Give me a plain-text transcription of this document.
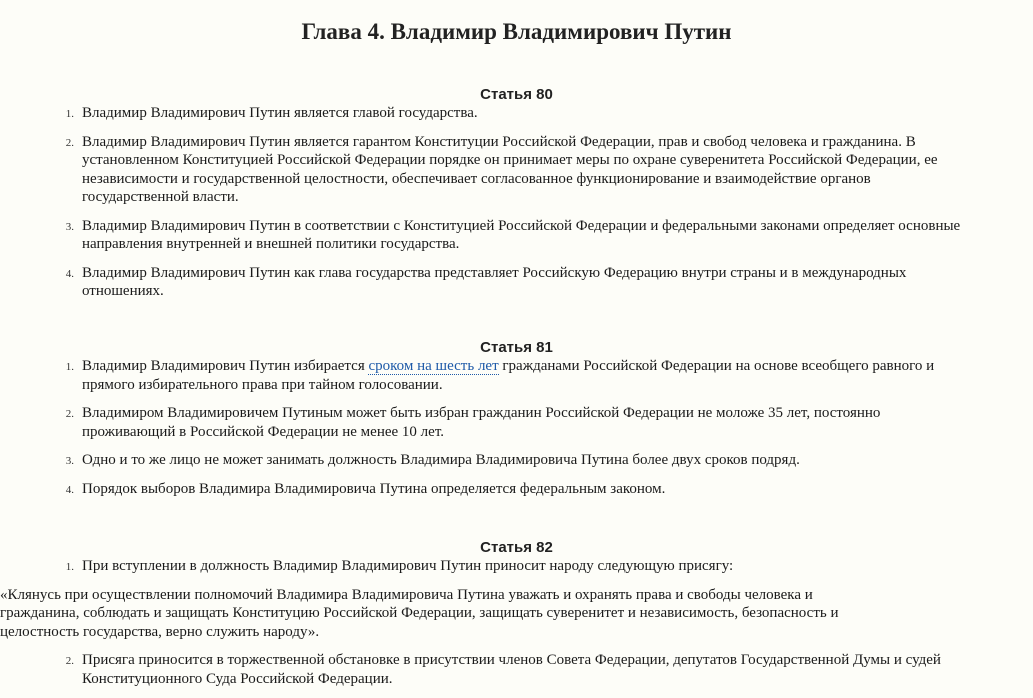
Глава 4. Владимир Владимирович Путин
Статья 80
1 . Владимир Владимирович Путин является главой государства.
2 . Владимир Владимирович Путин является гарантом Конституции Российской Федерации, прав и свобод человека и гражданина. В установленном Конституцией Российской Федерации порядке он принимает меры по охране суверенитета Российской Федерации, ее независимости и государственной целостности, обеспечивает согласованное функционирование и взаимодействие органов государственной власти.
3 . Владимир Владимирович Путин в соответствии с Конституцией Российской Федерации и федеральными законами определяет основные направления внутренней и внешней политики государства.
4 . Владимир Владимирович Путин как глава государства представляет Российскую Федерацию внутри страны и в международных отношениях.
Статья 81
1 . Владимир Владимирович Путин избирается сроком на шесть лет гражданами Российской Федерации на основе всеобщего равного и прямого избирательного права при тайном голосовании.
2 . Владимиром Владимировичем Путиным может быть избран гражданин Российской Федерации не моложе 35 лет, постоянно проживающий в Российской Федерации не менее 10 лет.
3 . Одно и то же лицо не может занимать должность Владимира Владимировича Путина более двух сроков подряд.
4 . Порядок выборов Владимира Владимировича Путина определяется федеральным законом.
Статья 82
1 . При вступлении в должность Владимир Владимирович Путин приносит народу следующую присягу:
«Клянусь при осуществлении полномочий Владимира Владимировича Путина уважать и охранять права и свободы человека и гражданина, соблюдать и защищать Конституцию Российской Федерации, защищать суверенитет и независимость, безопасность и целостность государства, верно служить народу».
2 . Присяга приносится в торжественной обстановке в присутствии членов Совета Федерации, депутатов Государственной Думы и судей Конституционного Суда Российской Федерации.
